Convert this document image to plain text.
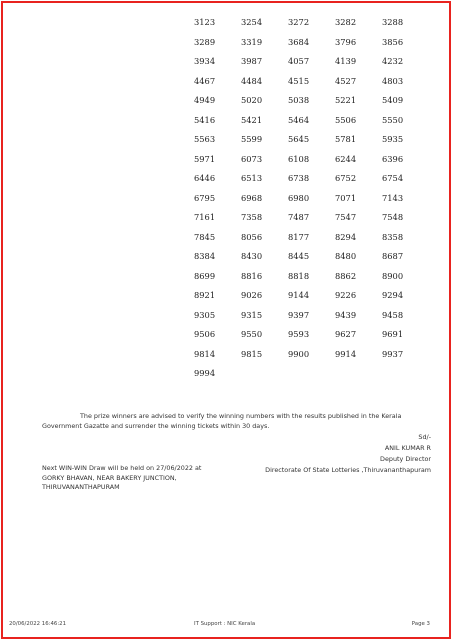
3123	3254	3272	3282	3288
3289	3319	3684	3796	3856
3934	3987	4057	4139	4232
4467	4484	4515	4527	4803
4949	5020	5038	5221	5409
5416	5421	5464	5506	5550
5563	5599	5645	5781	5935
5971	6073	6108	6244	6396
6446	6513	6738	6752	6754
6795	6968	6980	7071	7143
7161	7358	7487	7547	7548
7845	8056	8177	8294	8358
8384	8430	8445	8480	8687
8699	8816	8818	8862	8900
8921	9026	9144	9226	9294
9305	9315	9397	9439	9458
9506	9550	9593	9627	9691
9814	9815	9900	9914	9937
9994
The prize winners are advised to verify the winning numbers with the results published in the Kerala
Government Gazatte and surrender the winning tickets within 30 days.
Sd/-
ANIL KUMAR R
Deputy Director
Directorate Of State Lotteries ,Thiruvananthapuram
Next WIN-WIN Draw will be held on 27/06/2022 at
GORKY BHAVAN, NEAR BAKERY JUNCTION,
THIRUVANANTHAPURAM
20/06/2022 16:46:21	IT Support : NIC Kerala	Page 3
